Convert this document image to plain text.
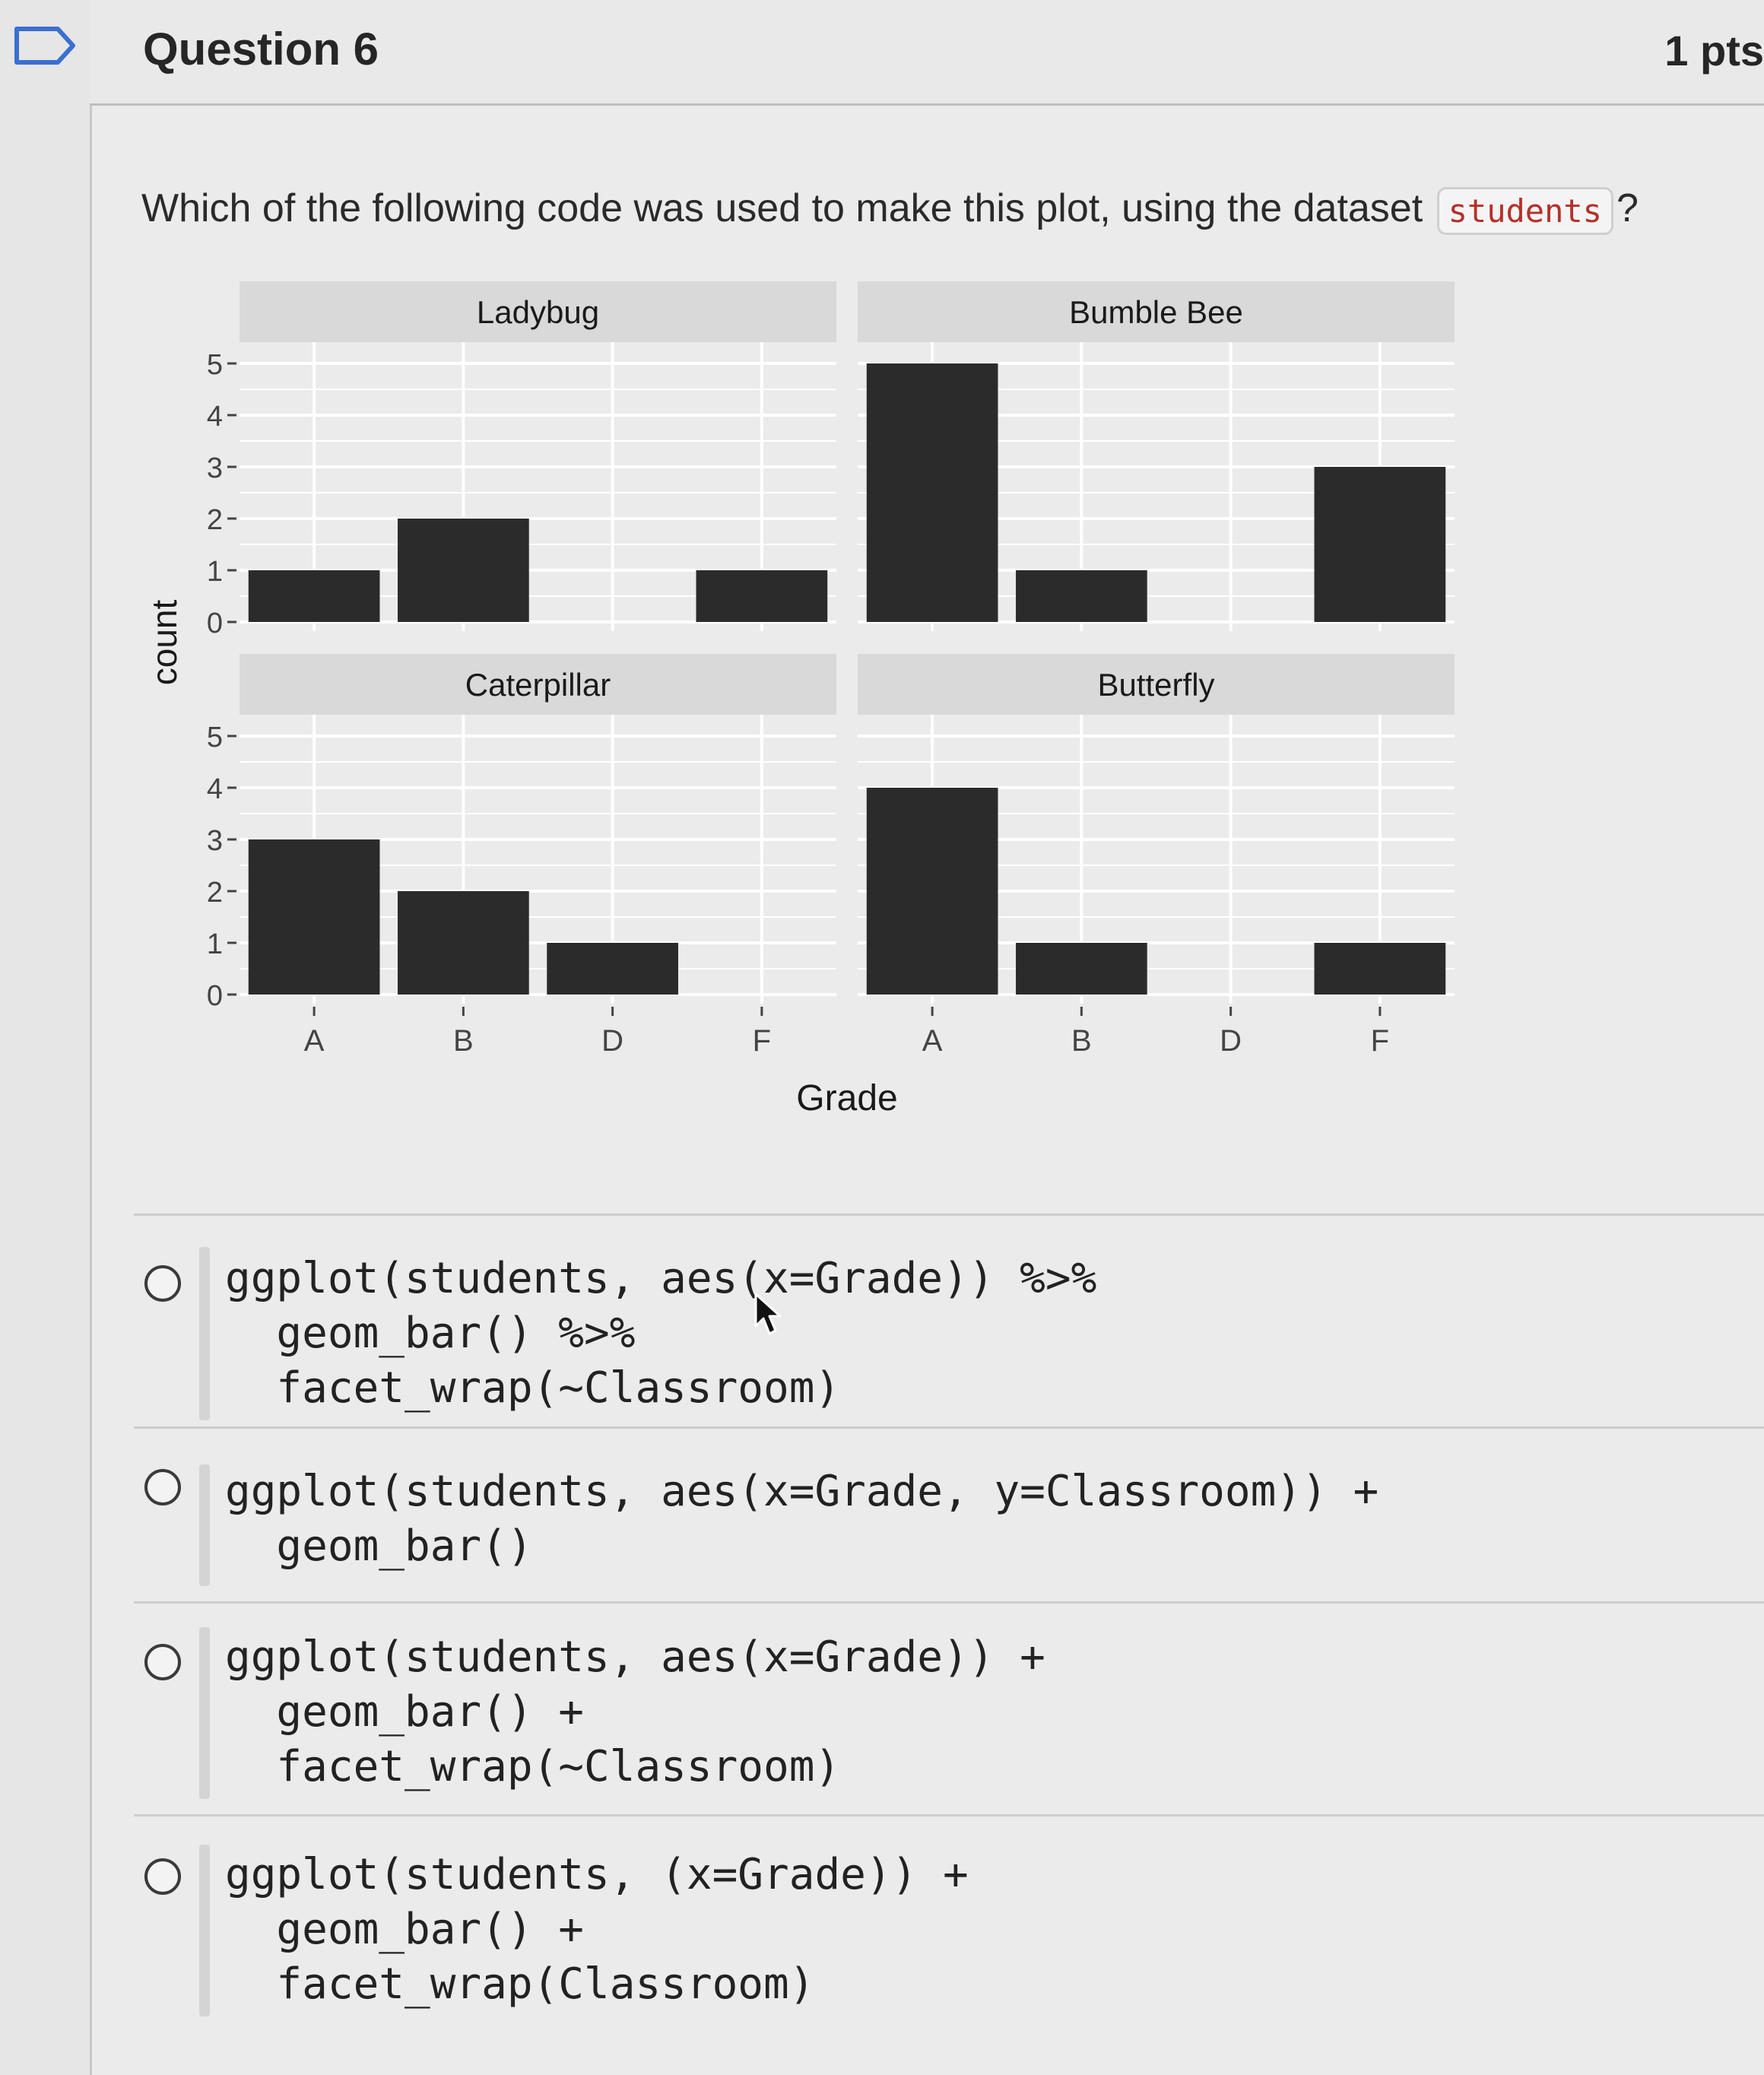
Question 6	1 pts
Which of the following code was used to make this plot, using the dataset students ?
Ladybug
0
1
2
3
4
5
Bumble Bee
Caterpillar
0
1
2
3
4
5
A	B	D	F
Butterfly
A	B	D	F
Grade
count
ggplot(students, aes(x=Grade)) %>%
geom_bar() %>%
facet_wrap(~Classroom)
ggplot(students, aes(x=Grade, y=Classroom)) +
geom_bar()
ggplot(students, aes(x=Grade)) +
geom_bar() +
facet_wrap(~Classroom)
ggplot(students, (x=Grade)) +
geom_bar() +
facet_wrap(Classroom)
